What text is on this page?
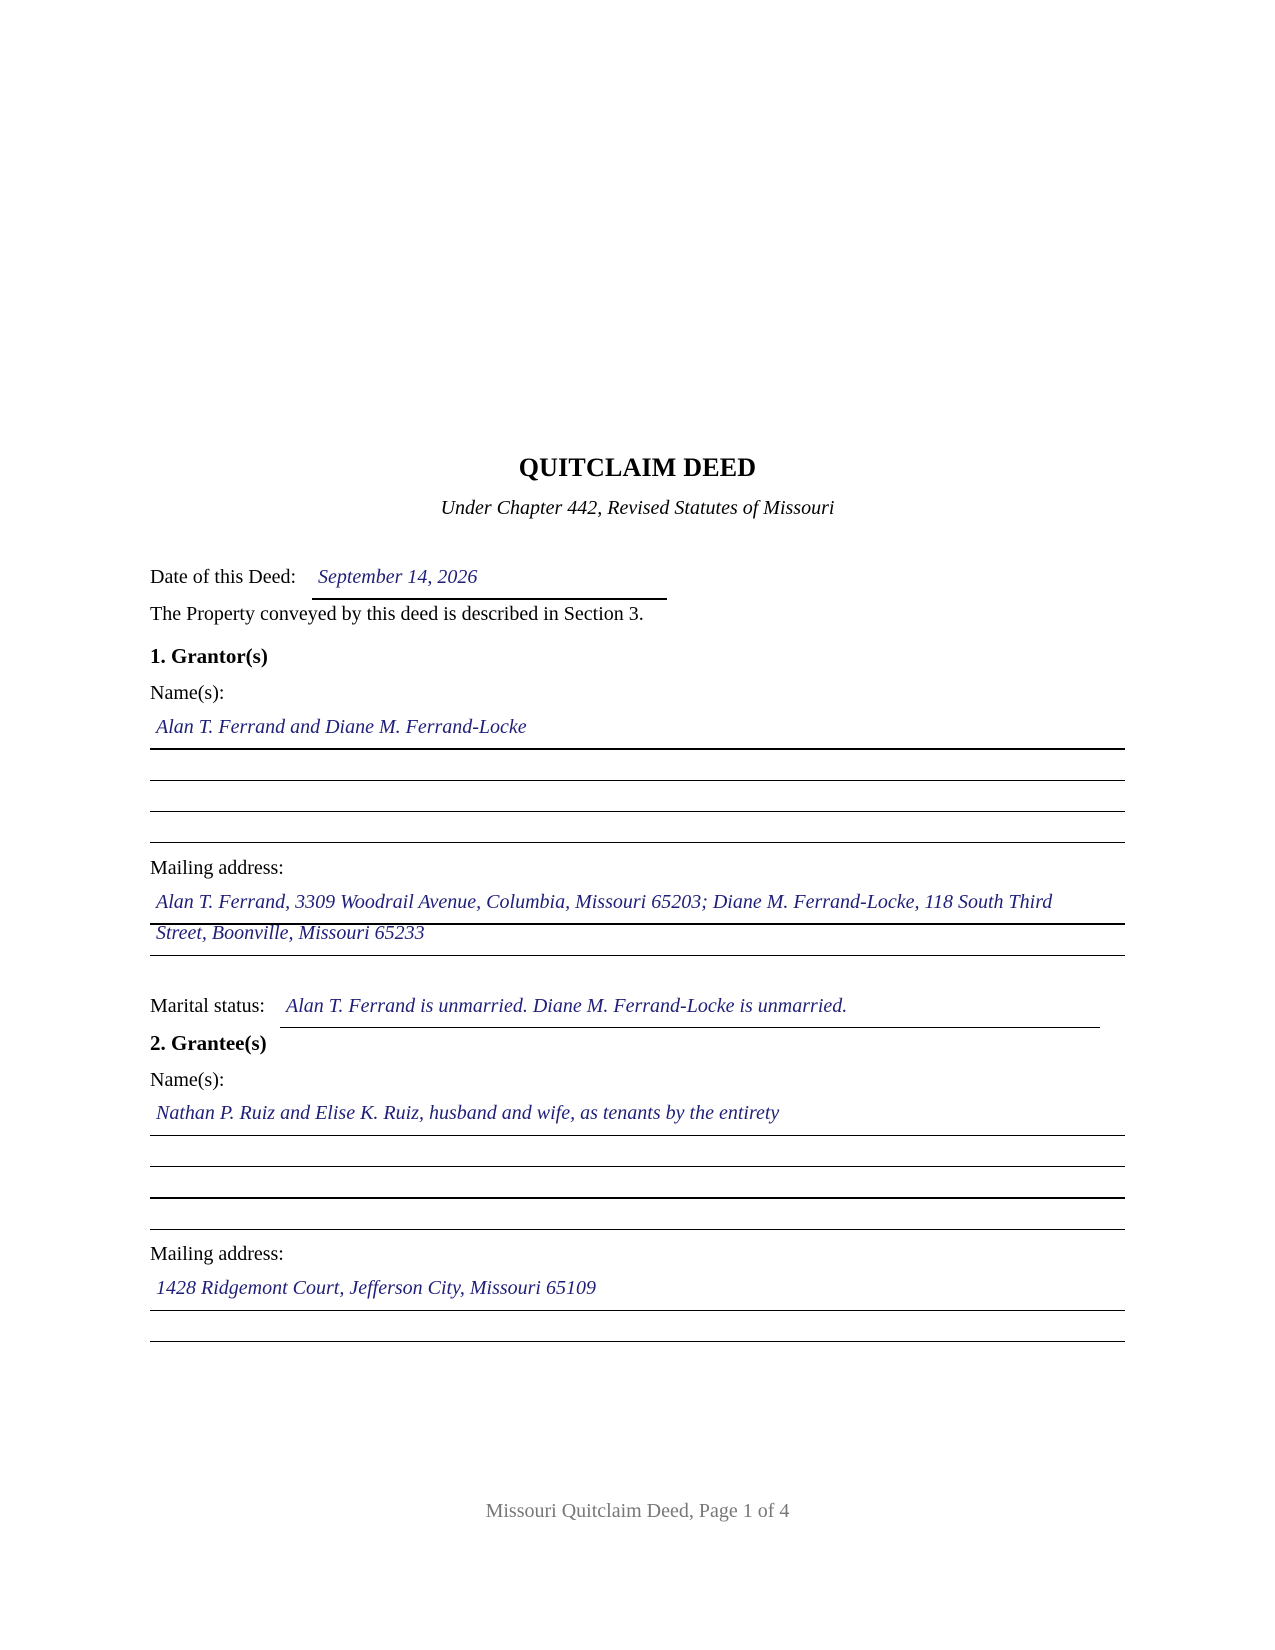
QUITCLAIM DEED
Under Chapter 442, Revised Statutes of Missouri
Date of this Deed: September 14, 2026
The Property conveyed by this deed is described in Section 3.
1. Grantor(s)
Name(s):
Alan T. Ferrand and Diane M. Ferrand-Locke
Mailing address:
Alan T. Ferrand, 3309 Woodrail Avenue, Columbia, Missouri 65203; Diane M. Ferrand-Locke, 118 South Third
Street, Boonville, Missouri 65233
Marital status: Alan T. Ferrand is unmarried. Diane M. Ferrand-Locke is unmarried.
2. Grantee(s)
Name(s):
Nathan P. Ruiz and Elise K. Ruiz, husband and wife, as tenants by the entirety
Mailing address:
1428 Ridgemont Court, Jefferson City, Missouri 65109
Missouri Quitclaim Deed, Page 1 of 4
